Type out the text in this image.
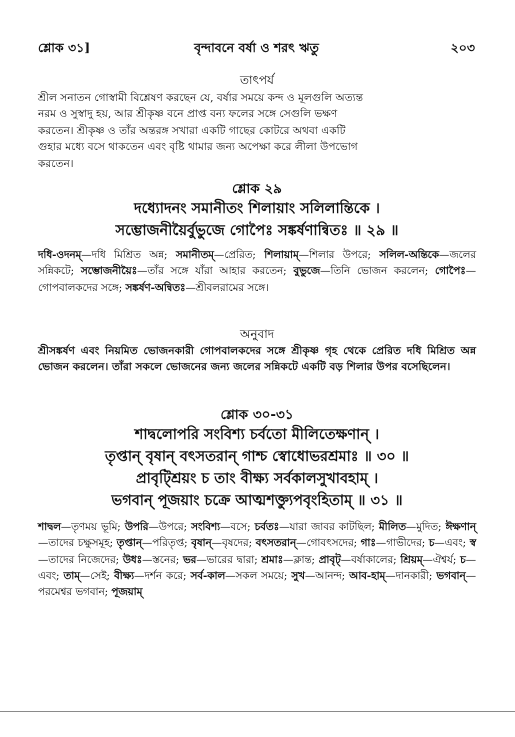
শ্লোক ৩১]	বৃন্দাবনে বর্ষা ও শরৎ ঋতু	২০৩
তাৎপর্য
শ্রীল সনাতন গোস্বামী বিশ্লেষণ করছেন যে, বর্ষার সময়ে কন্দ ও মূলগুলি অত্যন্ত
নরম ও সুস্বাদু হয়, আর শ্রীকৃষ্ণ বনে প্রাপ্ত বন্য ফলের সঙ্গে সেগুলি ভক্ষণ
করতেন। শ্রীকৃষ্ণ ও তাঁর অন্তরঙ্গ সখারা একটি গাছের কোটরে অথবা একটি
গুহার মধ্যে বসে থাকতেন এবং বৃষ্টি থামার জন্য অপেক্ষা করে লীলা উপভোগ
করতেন।
শ্লোক ২৯
দধ্যোদনং সমানীতং শিলায়াং সলিলান্তিকে ।
সম্ভোজনীয়ৈর্বুভুজে গোপৈঃ সঙ্কর্ষণান্বিতঃ ॥ ২৯ ॥
দধি-ওদনম্—দধি মিশ্রিত অন্ন; সমানীতম্—প্রেরিত; শিলায়াম্—শিলার উপরে; সলিল-অন্তিকে—জলের সন্নিকটে; সম্ভোজনীয়ৈঃ—তাঁর সঙ্গে যাঁরা আহার করতেন; বুভুজে—তিনি ভোজন করলেন; গোপৈঃ—গোপবালকদের সঙ্গে; সঙ্কর্ষণ-অন্বিতঃ—শ্রীবলরামের সঙ্গে।
অনুবাদ
শ্রীসঙ্কর্ষণ এবং নিয়মিত ভোজনকারী গোপবালকদের সঙ্গে শ্রীকৃষ্ণ গৃহ থেকে প্রেরিত দধি মিশ্রিত অন্ন ভোজন করলেন। তাঁরা সকলে ভোজনের জন্য জলের সন্নিকটে একটি বড় শিলার উপর বসেছিলেন।
শ্লোক ৩০-৩১
শাদ্বলোপরি সংবিশ্য চর্বতো মীলিতেক্ষণান্ ।
তৃপ্তান্ বৃষান্ বৎসতরান্ গাশ্চ স্বোধোভরশ্রমাঃ ॥ ৩০ ॥
প্রাবৃট্শ্রিয়ং চ তাং বীক্ষ্য সর্বকালসুখাবহাম্ ।
ভগবান্ পূজয়াং চক্রে আত্মশক্ত্যুপবৃংহিতাম্ ॥ ৩১ ॥
শাদ্বল—তৃণময় ভূমি; উপরি—উপরে; সংবিশ্য—বসে; চর্বতঃ—যারা জাবর কাটছিল; মীলিত—মুদিত; ঈক্ষণান্—তাদের চক্ষুসমূহ; তৃপ্তান্—পরিতৃপ্ত; বৃষান্—বৃষদের; বৎসতরান্—গোবৎসদের; গাঃ—গাভীদের; চ—এবং; স্ব—তাদের নিজেদের; উধঃ—স্তনের; ভর—ভারের দ্বারা; শ্রমাঃ—ক্লান্ত; প্রাবৃট্—বর্ষাকালের; শ্রিয়ম্—ঐশ্বর্য; চ—এবং; তাম্—সেই; বীক্ষ্য—দর্শন করে; সর্ব-কাল—সকল সময়ে; সুখ—আনন্দ; আব-হাম্—দানকারী; ভগবান্—পরমেশ্বর ভগবান; পূজয়াম্
